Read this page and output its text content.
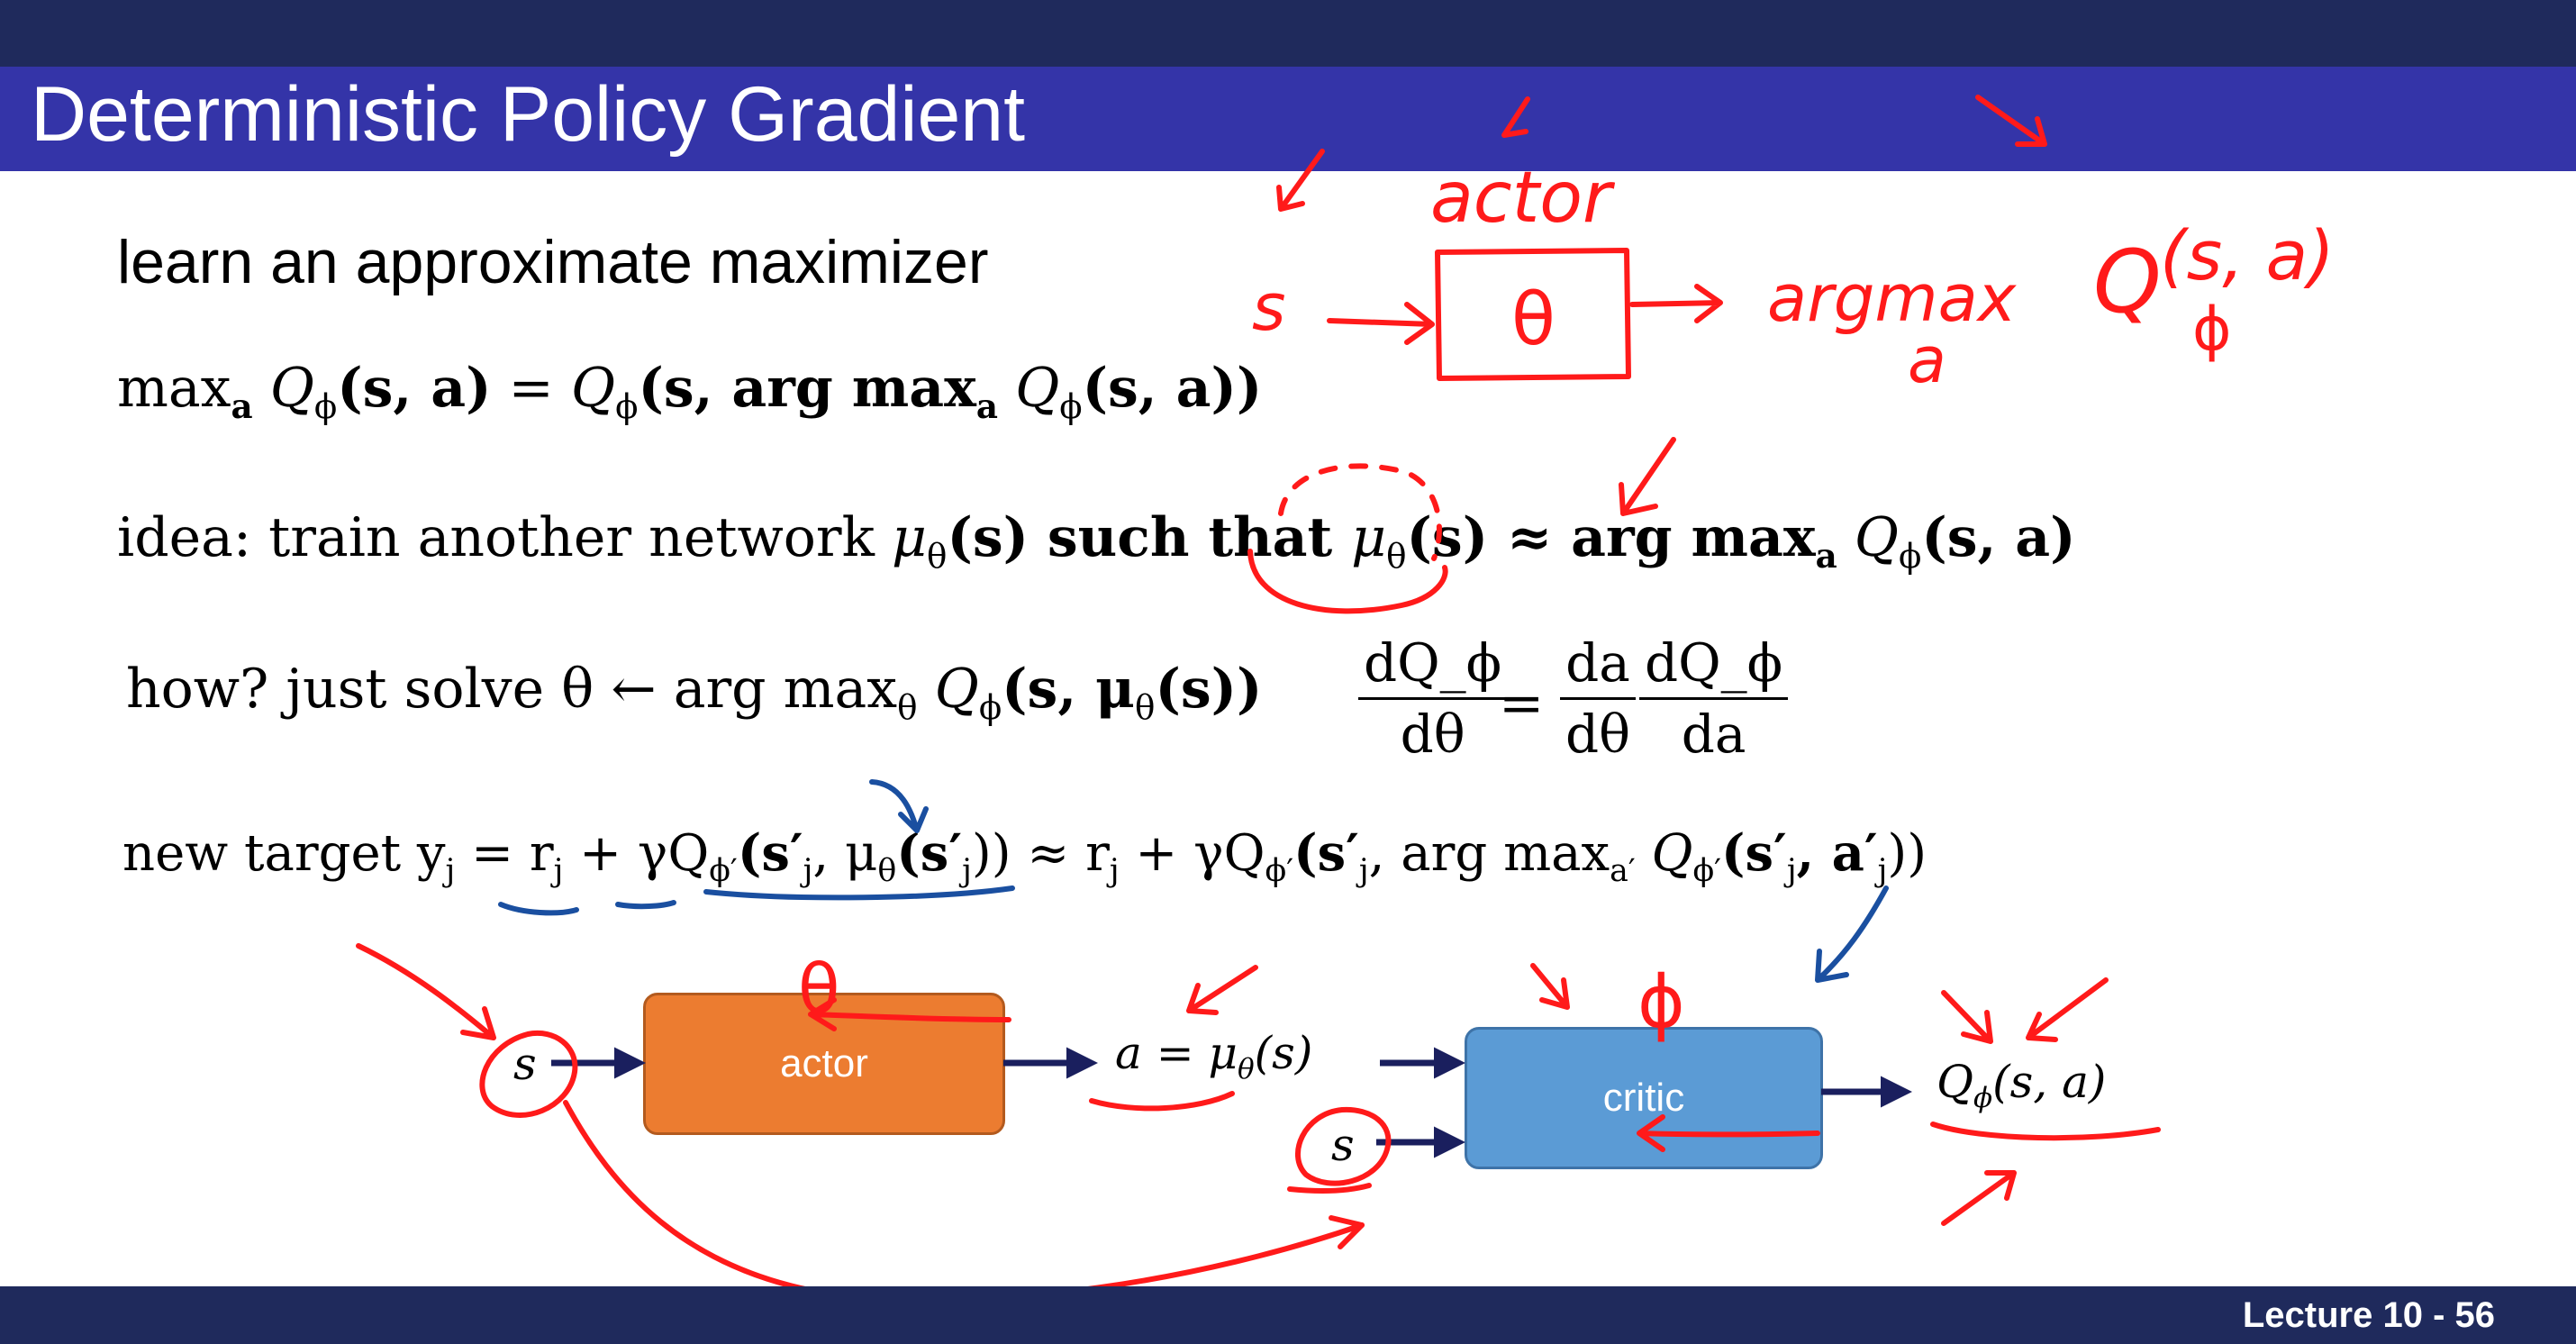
Deterministic Policy Gradient
learn an approximate maximizer
$\max_a Q_\phi(s$, $a) = Q_\phi(s$, arg $\max_a Q_\phi(s$, a))
idea: train another network $\mu_\theta(s)$ such that $\mu_\theta(s)$ ≈ arg $\max_a Q_\phi(s$, a)
how? just solve θ ← arg $\max_\theta Q_\phi(s$, $\mu_\theta(s)) \frac{dQ\_\phi}{d\theta}$
= $\frac{da}{d\theta} \frac{dQ\_\phi}{da}$
new target $y_j = r_j + \gamma Q_{\phi'}(s'_j$, $\mu_\theta(s'_j)) \approx r_j + \gamma Q_{\phi'}(s'_j$, arg $\max_{a'} Q_{\phi'}(s'_j$, $a'_j$))
s	actor	$a = \mu_\theta(s)$
s
critic	$Q_\phi(s$, a)
actor
s	θ	argmax
a
Q
(s, a)
ϕ
θ	ϕ
Lecture 10 - 56
